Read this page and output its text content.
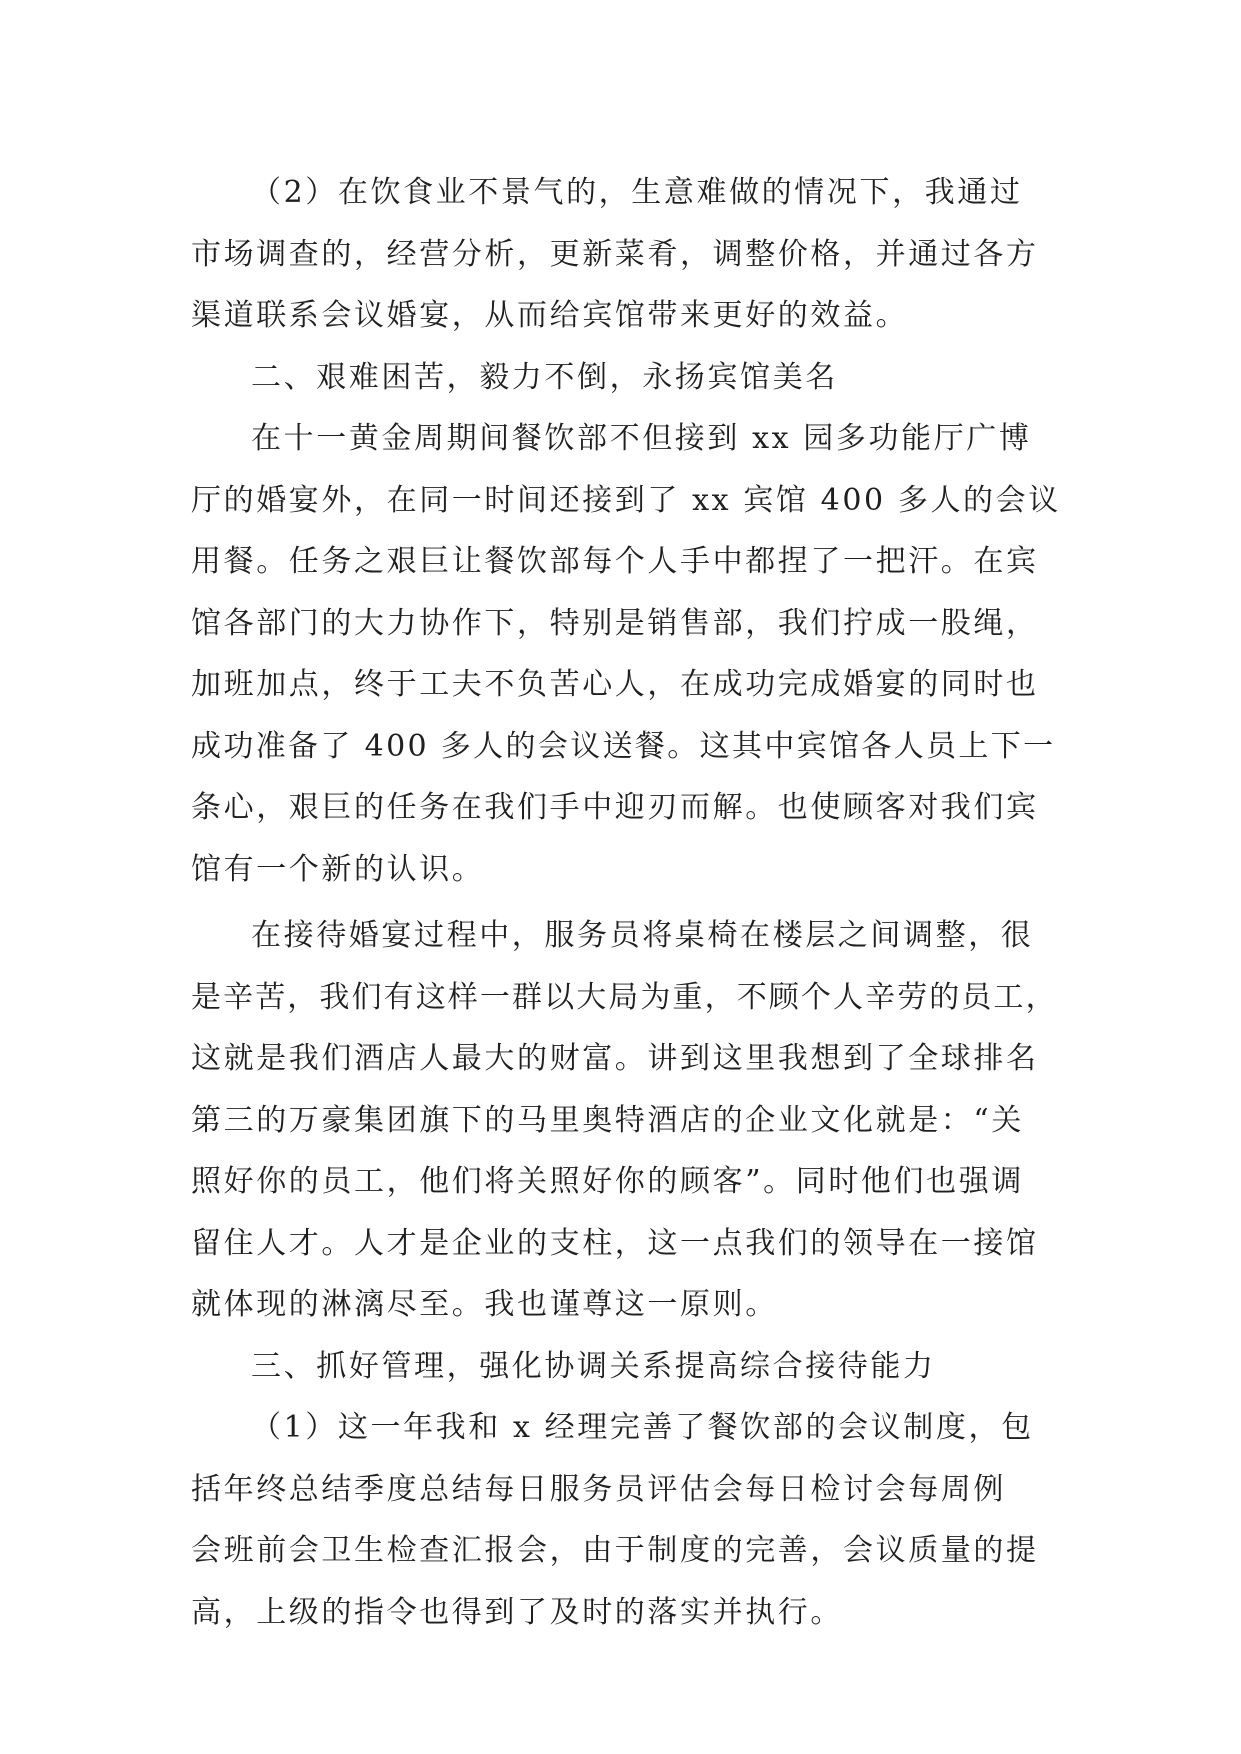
（2）在饮食业不景气的，生意难做的情况下，我通过
市场调查的，经营分析，更新菜肴，调整价格，并通过各方
渠道联系会议婚宴，从而给宾馆带来更好的效益。
二、艰难困苦，毅力不倒，永扬宾馆美名
在十一黄金周期间餐饮部不但接到 xx 园多功能厅广博
厅的婚宴外，在同一时间还接到了 xx 宾馆 400 多人的会议
用餐。任务之艰巨让餐饮部每个人手中都捏了一把汗。在宾
馆各部门的大力协作下，特别是销售部，我们拧成一股绳，
加班加点，终于工夫不负苦心人，在成功完成婚宴的同时也
成功准备了 400 多人的会议送餐。这其中宾馆各人员上下一
条心，艰巨的任务在我们手中迎刃而解。也使顾客对我们宾
馆有一个新的认识。
在接待婚宴过程中，服务员将桌椅在楼层之间调整，很
是辛苦，我们有这样一群以大局为重，不顾个人辛劳的员工，
这就是我们酒店人最大的财富。讲到这里我想到了全球排名
第三的万豪集团旗下的马里奥特酒店的企业文化就是：“关
照好你的员工，他们将关照好你的顾客”。同时他们也强调
留住人才。人才是企业的支柱，这一点我们的领导在一接馆
就体现的淋漓尽至。我也谨尊这一原则。
三、抓好管理，强化协调关系提高综合接待能力
（1）这一年我和 x 经理完善了餐饮部的会议制度，包
括年终总结季度总结每日服务员评估会每日检讨会每周例
会班前会卫生检查汇报会，由于制度的完善，会议质量的提
高，上级的指令也得到了及时的落实并执行。
